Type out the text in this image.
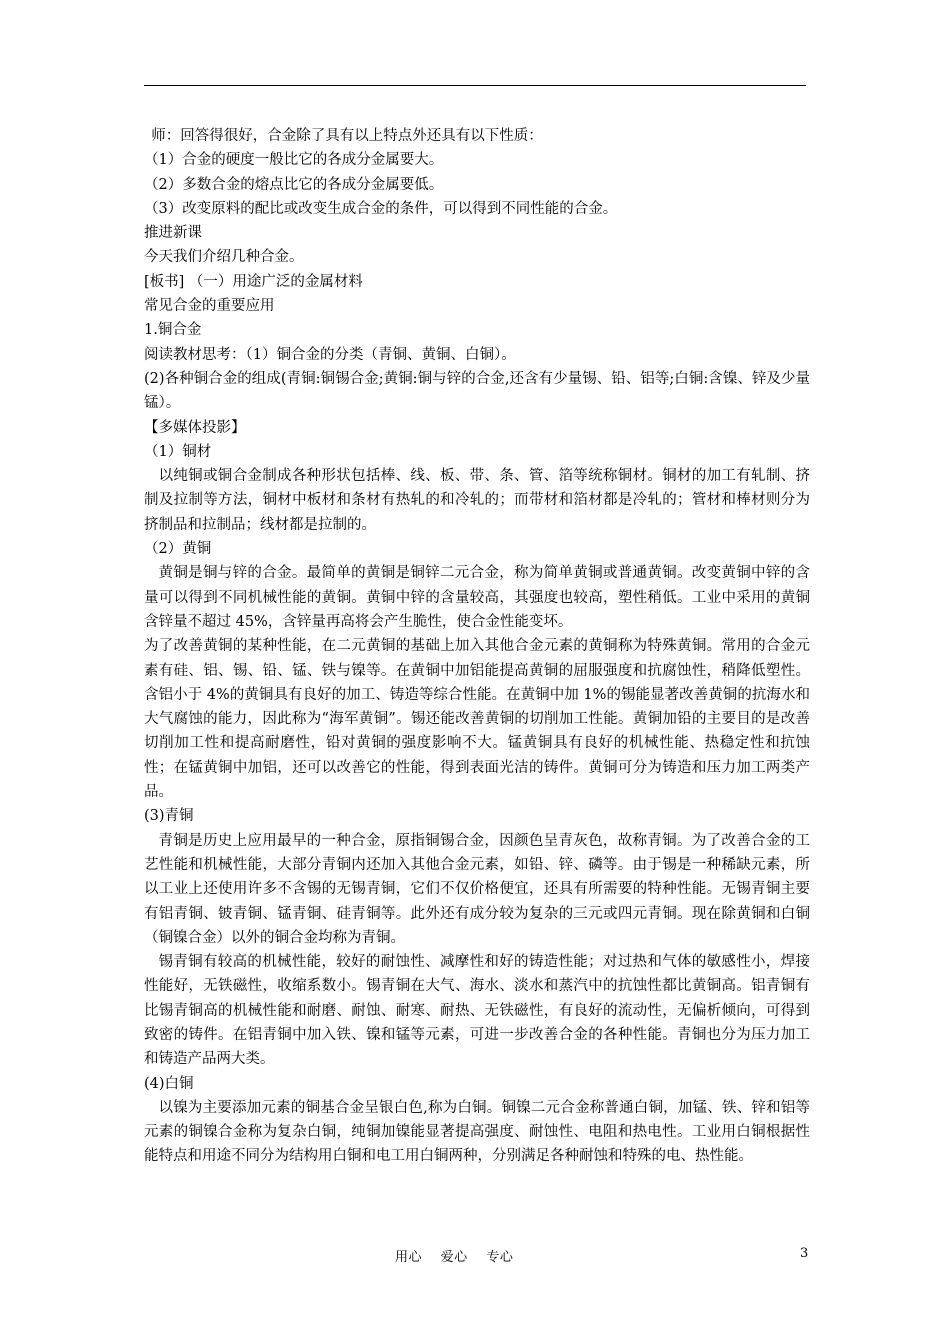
师：回答得很好，合金除了具有以上特点外还具有以下性质：

（1）合金的硬度一般比它的各成分金属要大。

（2）多数合金的熔点比它的各成分金属要低。

（3）改变原料的配比或改变生成合金的条件，可以得到不同性能的合金。

推进新课

今天我们介绍几种合金。

[板书] （一）用途广泛的金属材料

常见合金的重要应用

1.铜合金

阅读教材思考：（1）铜合金的分类（青铜、黄铜、白铜）。

(2)各种铜合金的组成(青铜:铜锡合金;黄铜:铜与锌的合金,还含有少量锡、铅、铝等;白铜:含镍、锌及少量锰）。

【多媒体投影】

（1）铜材

以纯铜或铜合金制成各种形状包括棒、线、板、带、条、管、箔等统称铜材。铜材的加工有轧制、挤制及拉制等方法，铜材中板材和条材有热轧的和冷轧的；而带材和箔材都是冷轧的；管材和棒材则分为挤制品和拉制品；线材都是拉制的。

（2）黄铜

黄铜是铜与锌的合金。最简单的黄铜是铜锌二元合金，称为简单黄铜或普通黄铜。改变黄铜中锌的含量可以得到不同机械性能的黄铜。黄铜中锌的含量较高，其强度也较高，塑性稍低。工业中采用的黄铜含锌量不超过 45%，含锌量再高将会产生脆性，使合金性能变坏。

为了改善黄铜的某种性能，在二元黄铜的基础上加入其他合金元素的黄铜称为特殊黄铜。常用的合金元素有硅、铝、锡、铅、锰、铁与镍等。在黄铜中加铝能提高黄铜的屈服强度和抗腐蚀性，稍降低塑性。含铝小于 4%的黄铜具有良好的加工、铸造等综合性能。在黄铜中加 1%的锡能显著改善黄铜的抗海水和大气腐蚀的能力，因此称为“海军黄铜”。锡还能改善黄铜的切削加工性能。黄铜加铅的主要目的是改善切削加工性和提高耐磨性，铅对黄铜的强度影响不大。锰黄铜具有良好的机械性能、热稳定性和抗蚀性；在锰黄铜中加铝，还可以改善它的性能，得到表面光洁的铸件。黄铜可分为铸造和压力加工两类产品。

(3)青铜

青铜是历史上应用最早的一种合金，原指铜锡合金，因颜色呈青灰色，故称青铜。为了改善合金的工艺性能和机械性能，大部分青铜内还加入其他合金元素，如铅、锌、磷等。由于锡是一种稀缺元素，所以工业上还使用许多不含锡的无锡青铜，它们不仅价格便宜，还具有所需要的特种性能。无锡青铜主要有铝青铜、铍青铜、锰青铜、硅青铜等。此外还有成分较为复杂的三元或四元青铜。现在除黄铜和白铜（铜镍合金）以外的铜合金均称为青铜。

锡青铜有较高的机械性能，较好的耐蚀性、减摩性和好的铸造性能；对过热和气体的敏感性小，焊接性能好，无铁磁性，收缩系数小。锡青铜在大气、海水、淡水和蒸汽中的抗蚀性都比黄铜高。铝青铜有比锡青铜高的机械性能和耐磨、耐蚀、耐寒、耐热、无铁磁性，有良好的流动性，无偏析倾向，可得到致密的铸件。在铝青铜中加入铁、镍和锰等元素，可进一步改善合金的各种性能。青铜也分为压力加工和铸造产品两大类。

(4)白铜

以镍为主要添加元素的铜基合金呈银白色,称为白铜。铜镍二元合金称普通白铜，加锰、铁、锌和铝等元素的铜镍合金称为复杂白铜，纯铜加镍能显著提高强度、耐蚀性、电阻和热电性。工业用白铜根据性能特点和用途不同分为结构用白铜和电工用白铜两种，分别满足各种耐蚀和特殊的电、热性能。

用心 爱心 专心	3
